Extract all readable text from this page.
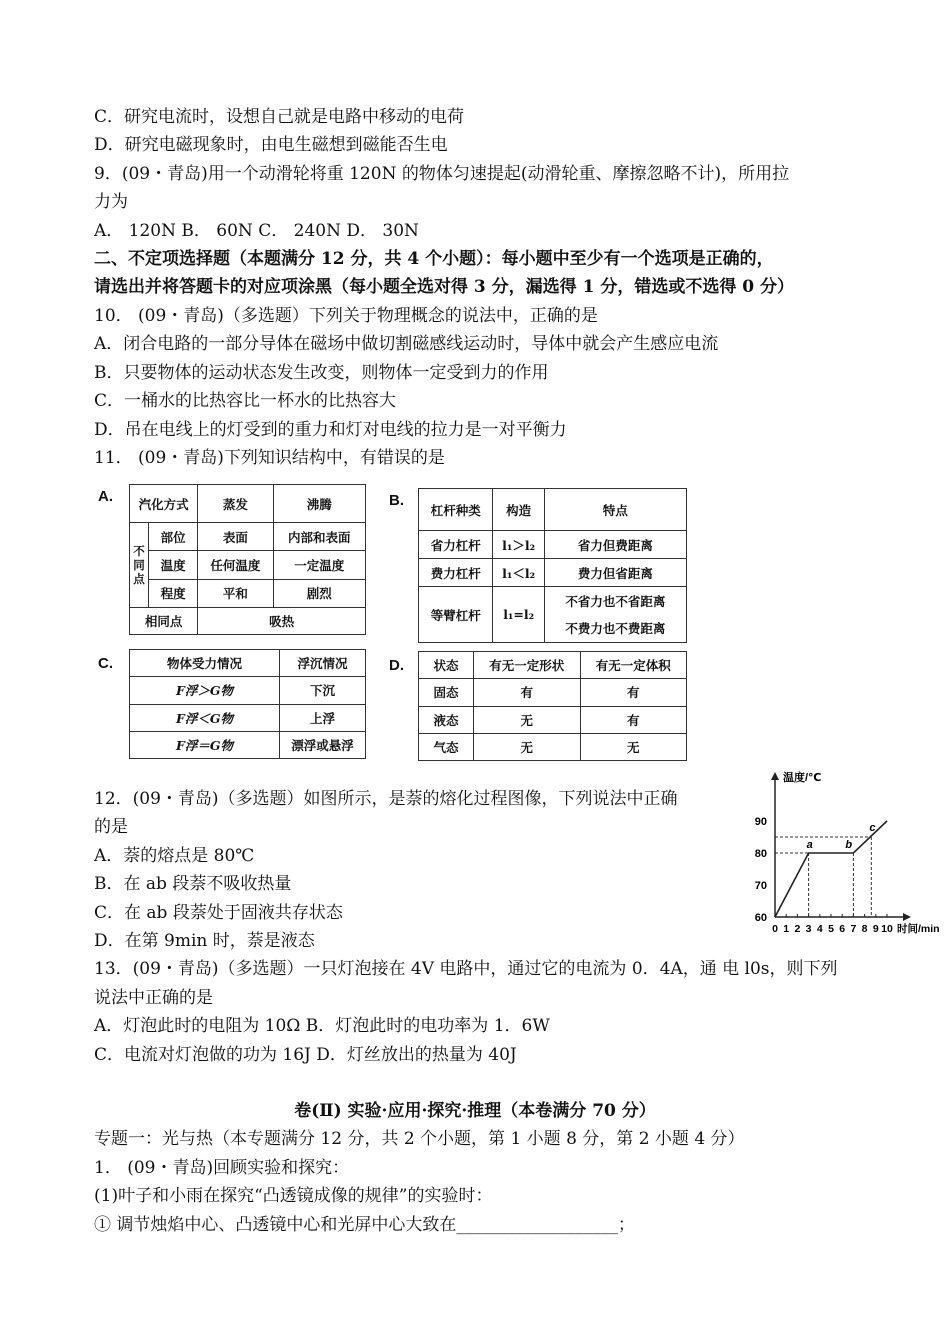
C．研究电流时，设想自己就是电路中移动的电荷
D．研究电磁现象时，由电生磁想到磁能否生电
9．(09・青岛)用一个动滑轮将重 120N 的物体匀速提起(动滑轮重、摩擦忽略不计)，所用拉
力为
A． 120N B． 60N C． 240N D． 30N
二、不定项选择题（本题满分 12 分，共 4 个小题）：每小题中至少有一个选项是正确的，
请选出并将答题卡的对应项涂黑（每小题全选对得 3 分，漏选得 1 分，错选或不选得 0 分）
10． (09・青岛)（多选题）下列关于物理概念的说法中，正确的是
A．闭合电路的一部分导体在磁场中做切割磁感线运动时，导体中就会产生感应电流
B．只要物体的运动状态发生改变，则物体一定受到力的作用
C．一桶水的比热容比一杯水的比热容大
D．吊在电线上的灯受到的重力和灯对电线的拉力是一对平衡力
11． (09・青岛)下列知识结构中，有错误的是
A. 汽化方式		蒸发	沸腾
不同点	部位	表面	内部和表面
	温度	任何温度	一定温度
	程度	平和	剧烈
相同点		吸热	
B.
杠杆种类	构造	特点
省力杠杆	l₁＞l₂	省力但费距离
费力杠杆	l₁＜l₂	费力但省距离
等臂杠杆	l₁=l₂	不省力也不省距离
		不费力也不费距离
C.	物体受力情况	浮沉情况
F浮＞G物	下沉
F浮＜G物	上浮
F浮＝G物	漂浮或悬浮
D. 状态	有无一定形状	有无一定体积
固态	有	有
液态	无	有
气态	无	无
12．(09・青岛)（多选题）如图所示，是萘的熔化过程图像，下列说法中正确
的是
A．萘的熔点是 80℃
B．在 ab 段萘不吸收热量
C．在 ab 段萘处于固液共存状态
D．在第 9min 时，萘是液态
60
70
80
90
0 1 2 3 4 5 6 7 8 9 10
温度/℃
时间/min
a	b
c
13．(09・青岛)（多选题）一只灯泡接在 4V 电路中，通过它的电流为 0．4A，通 电 l0s，则下列
说法中正确的是
A．灯泡此时的电阻为 10Ω B．灯泡此时的电功率为 1．6W
C．电流对灯泡做的功为 16J D．灯丝放出的热量为 40J
卷(Ⅱ) 实验·应用·探究·推理（本卷满分 70 分）
专题一：光与热（本专题满分 12 分，共 2 个小题，第 1 小题 8 分，第 2 小题 4 分）
1． (09・青岛)回顾实验和探究：
(1)叶子和小雨在探究“凸透镜成像的规律”的实验时：
① 调节烛焰中心、凸透镜中心和光屏中心大致在___________________；
